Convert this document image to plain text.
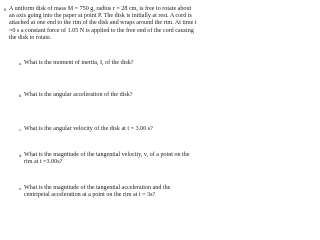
6. A uniform disk of mass M = 750 g, radius r = 28 cm, is free to rotate about an axis going into the paper at point P. The disk is initially at rest. A cord is attached at one end to the rim of the disk and wraps around the rim. At time t =0 s a constant force of 1.05 N is applied to the free end of the cord causing the disk to rotate.
a. What is the moment of inertia, I, of the disk?
b. What is the angular acceleration of the disk?
c. What is the angular velocity of the disk at t = 3.00 s?
d. What is the magnitude of the tangential velocity, v, of a point on the rim at t =3.00s?
e. What is the magnitude of the tangential acceleration and the centripetal acceleration at a point on the rim at t = 3s?
